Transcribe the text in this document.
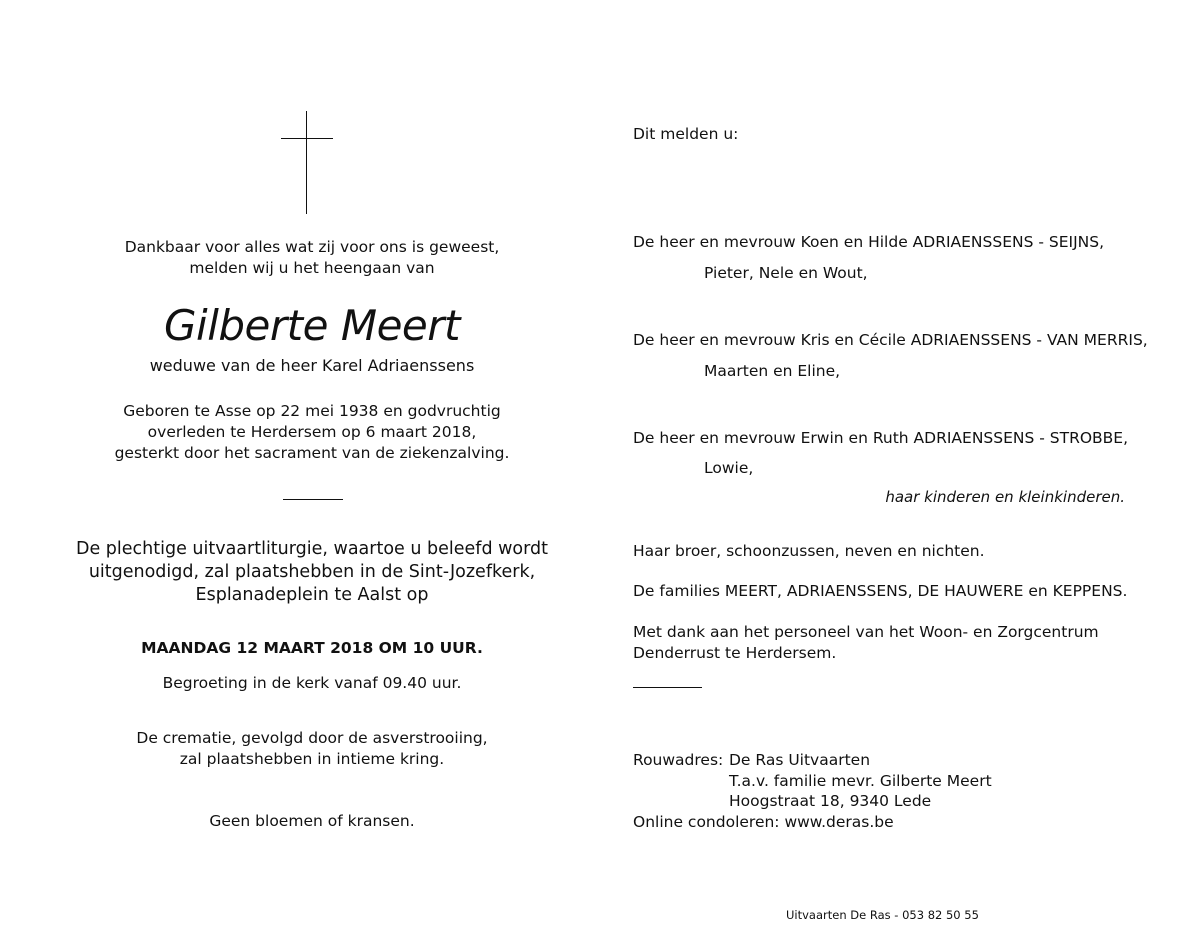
Dankbaar voor alles wat zij voor ons is geweest,
melden wij u het heengaan van
Gilberte Meert
weduwe van de heer Karel Adriaenssens
Geboren te Asse op 22 mei 1938 en godvruchtig
overleden te Herdersem op 6 maart 2018,
gesterkt door het sacrament van de ziekenzalving.
De plechtige uitvaartliturgie, waartoe u beleefd wordt
uitgenodigd, zal plaatshebben in de Sint-Jozefkerk,
Esplanadeplein te Aalst op
MAANDAG 12 MAART 2018 OM 10 UUR.
Begroeting in de kerk vanaf 09.40 uur.
De crematie, gevolgd door de asverstrooiing,
zal plaatshebben in intieme kring.
Geen bloemen of kransen.
Dit melden u:
De heer en mevrouw Koen en Hilde ADRIAENSSENS - SEIJNS,
Pieter, Nele en Wout,
De heer en mevrouw Kris en Cécile ADRIAENSSENS - VAN MERRIS,
Maarten en Eline,
De heer en mevrouw Erwin en Ruth ADRIAENSSENS - STROBBE,
Lowie,
haar kinderen en kleinkinderen.
Haar broer, schoonzussen, neven en nichten.
De families MEERT, ADRIAENSSENS, DE HAUWERE en KEPPENS.
Met dank aan het personeel van het Woon- en Zorgcentrum
Denderrust te Herdersem.
Rouwadres: De Ras Uitvaarten
T.a.v. familie mevr. Gilberte Meert
Hoogstraat 18, 9340 Lede
Online condoleren: www.deras.be
Uitvaarten De Ras - 053 82 50 55
